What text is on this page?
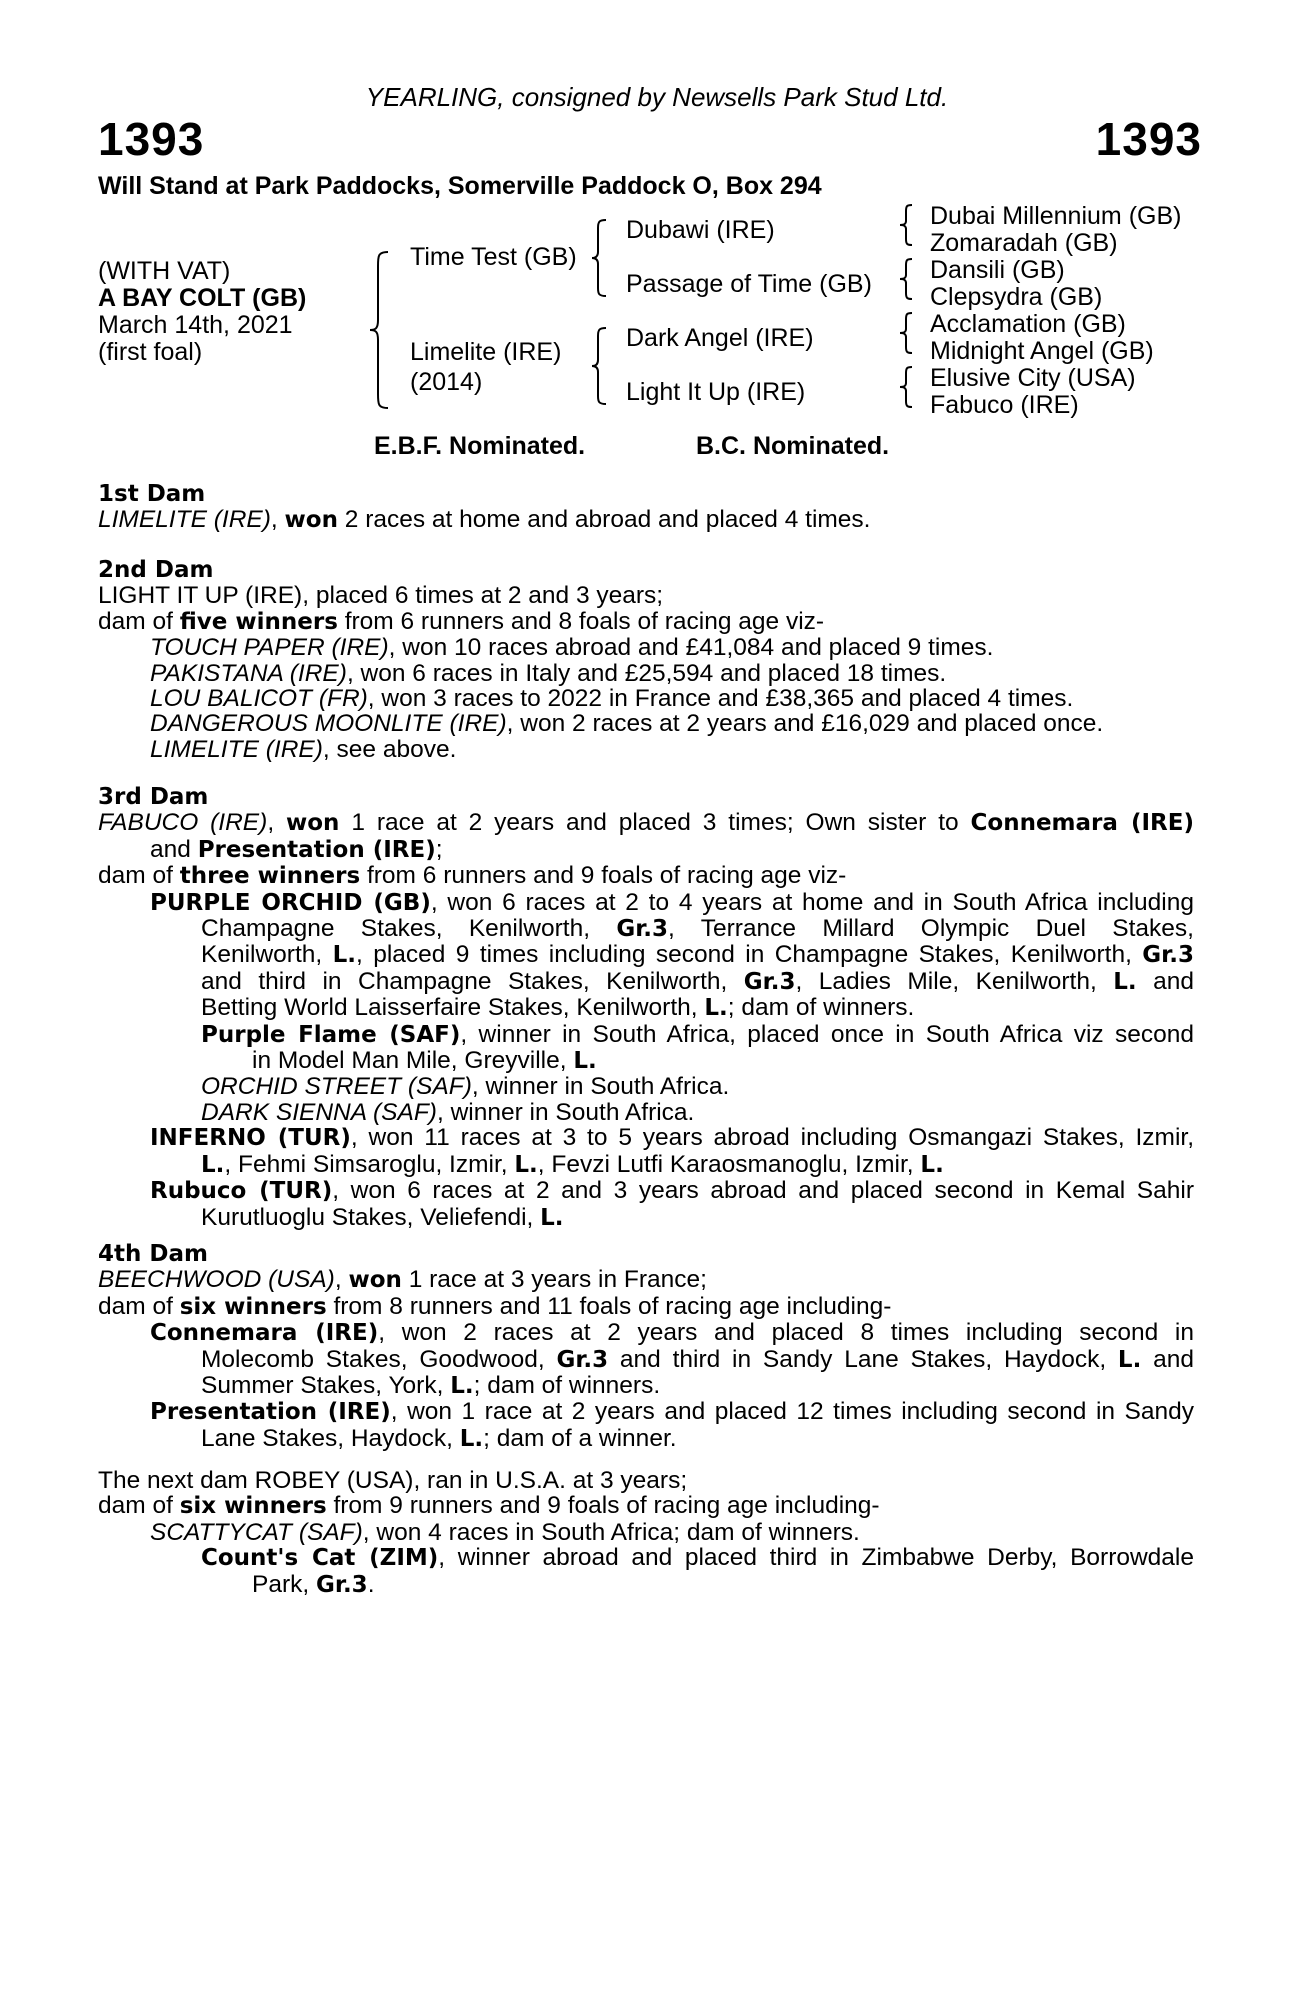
YEARLING, consigned by Newsells Park Stud Ltd.
1393	1393
Will Stand at Park Paddocks, Somerville Paddock O, Box 294
(WITH VAT)
A BAY COLT (GB)
March 14th, 2021
(first foal)
Time Test (GB)
Limelite (IRE)
(2014)
Dubawi (IRE)
Passage of Time (GB)
Dark Angel (IRE)
Light It Up (IRE)
Dubai Millennium (GB)
Zomaradah (GB)
Dansili (GB)
Clepsydra (GB)
Acclamation (GB)
Midnight Angel (GB)
Elusive City (USA)
Fabuco (IRE)
E.B.F. Nominated.	B.C. Nominated.

1st Dam

LIMELITE (IRE), won 2 races at home and abroad and placed 4 times.

2nd Dam

LIGHT IT UP (IRE), placed 6 times at 2 and 3 years;

dam of five winners from 6 runners and 8 foals of racing age viz-

TOUCH PAPER (IRE), won 10 races abroad and £41,084 and placed 9 times.

PAKISTANA (IRE), won 6 races in Italy and £25,594 and placed 18 times.

LOU BALICOT (FR), won 3 races to 2022 in France and £38,365 and placed 4 times.

DANGEROUS MOONLITE (IRE), won 2 races at 2 years and £16,029 and placed once.

LIMELITE (IRE), see above.

3rd Dam

FABUCO (IRE), won 1 race at 2 years and placed 3 times; Own sister to Connemara (IRE)

and Presentation (IRE);

dam of three winners from 6 runners and 9 foals of racing age viz-

PURPLE ORCHID (GB), won 6 races at 2 to 4 years at home and in South Africa including

Champagne Stakes, Kenilworth, Gr.3, Terrance Millard Olympic Duel Stakes,

Kenilworth, L., placed 9 times including second in Champagne Stakes, Kenilworth, Gr.3

and third in Champagne Stakes, Kenilworth, Gr.3, Ladies Mile, Kenilworth, L. and

Betting World Laisserfaire Stakes, Kenilworth, L.; dam of winners.

Purple Flame (SAF), winner in South Africa, placed once in South Africa viz second

in Model Man Mile, Greyville, L.

ORCHID STREET (SAF), winner in South Africa.

DARK SIENNA (SAF), winner in South Africa.

INFERNO (TUR), won 11 races at 3 to 5 years abroad including Osmangazi Stakes, Izmir,

L., Fehmi Simsaroglu, Izmir, L., Fevzi Lutfi Karaosmanoglu, Izmir, L.

Rubuco (TUR), won 6 races at 2 and 3 years abroad and placed second in Kemal Sahir

Kurutluoglu Stakes, Veliefendi, L.

4th Dam

BEECHWOOD (USA), won 1 race at 3 years in France;

dam of six winners from 8 runners and 11 foals of racing age including-

Connemara (IRE), won 2 races at 2 years and placed 8 times including second in

Molecomb Stakes, Goodwood, Gr.3 and third in Sandy Lane Stakes, Haydock, L. and

Summer Stakes, York, L.; dam of winners.

Presentation (IRE), won 1 race at 2 years and placed 12 times including second in Sandy

Lane Stakes, Haydock, L.; dam of a winner.

The next dam ROBEY (USA), ran in U.S.A. at 3 years;

dam of six winners from 9 runners and 9 foals of racing age including-

SCATTYCAT (SAF), won 4 races in South Africa; dam of winners.

Count's Cat (ZIM), winner abroad and placed third in Zimbabwe Derby, Borrowdale

Park, Gr.3.
